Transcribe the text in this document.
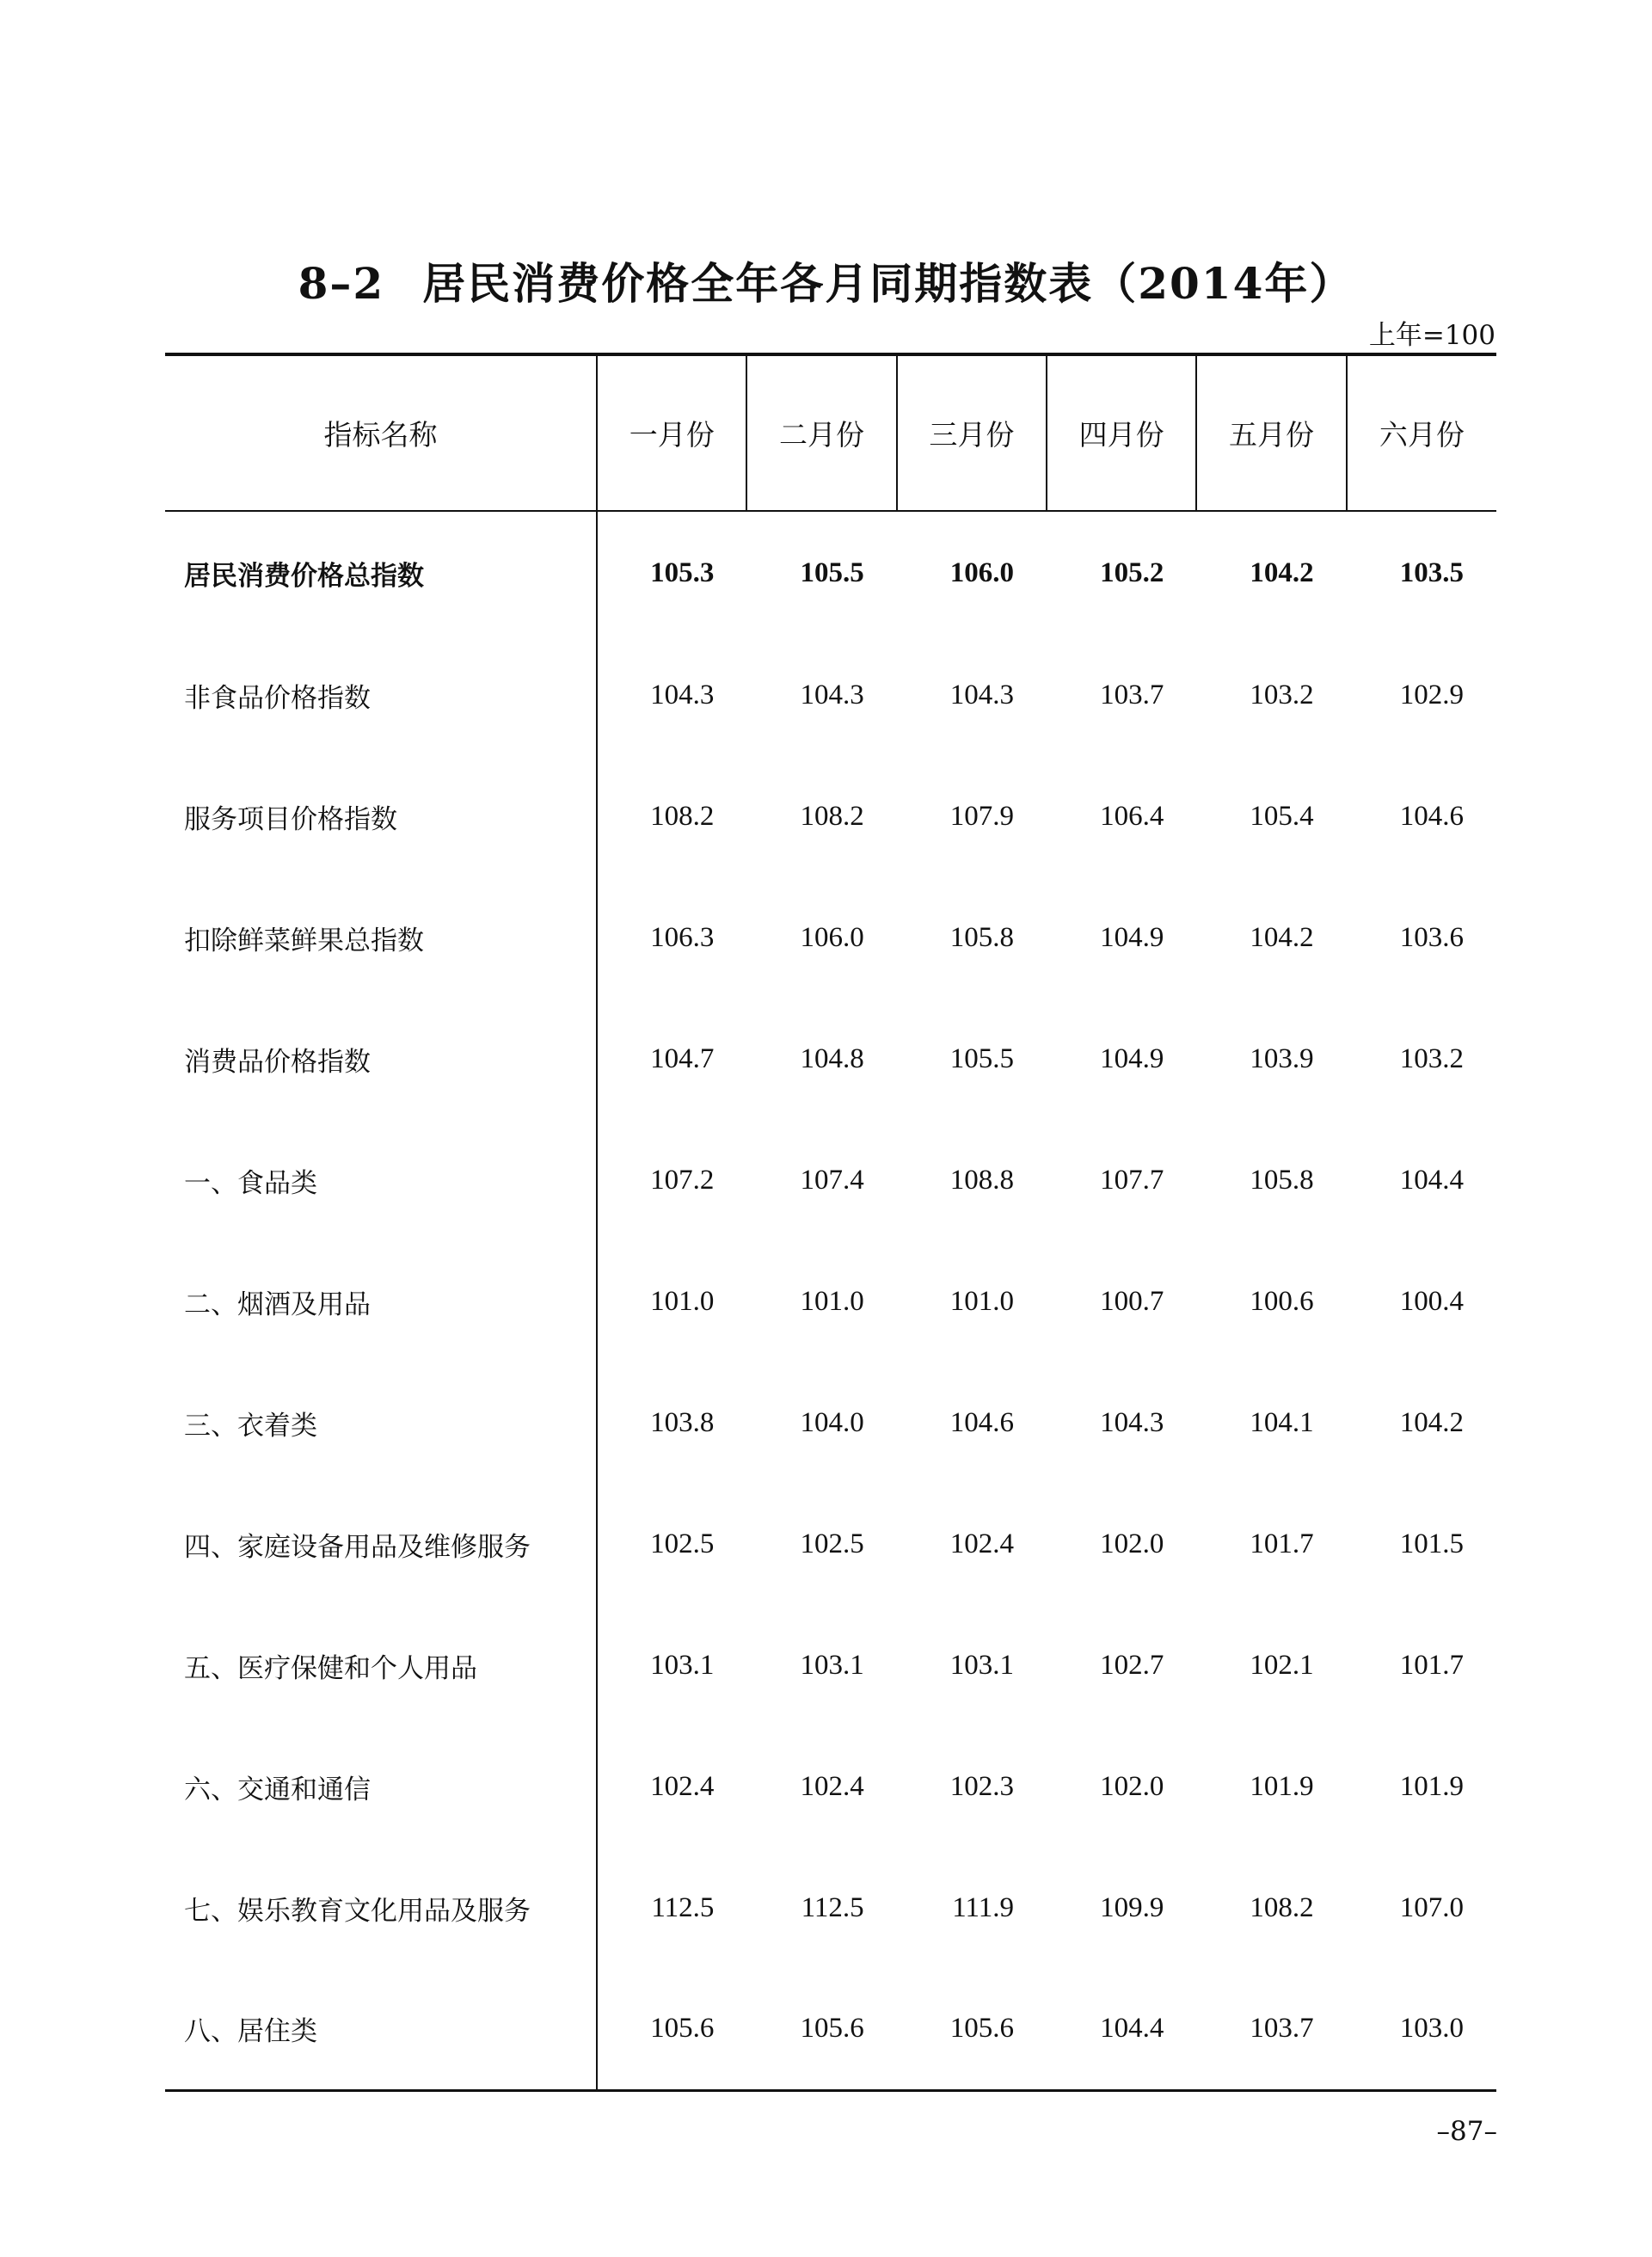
8–2 居民消费价格全年各月同期指数表（2014年）
上年=100
指标名称	一月份	二月份	三月份	四月份	五月份	六月份
居民消费价格总指数	105.3	105.5	106.0	105.2	104.2	103.5
非食品价格指数	104.3	104.3	104.3	103.7	103.2	102.9
服务项目价格指数	108.2	108.2	107.9	106.4	105.4	104.6
扣除鲜菜鲜果总指数	106.3	106.0	105.8	104.9	104.2	103.6
消费品价格指数	104.7	104.8	105.5	104.9	103.9	103.2
一、食品类	107.2	107.4	108.8	107.7	105.8	104.4
二、烟酒及用品	101.0	101.0	101.0	100.7	100.6	100.4
三、衣着类	103.8	104.0	104.6	104.3	104.1	104.2
四、家庭设备用品及维修服务	102.5	102.5	102.4	102.0	101.7	101.5
五、医疗保健和个人用品	103.1	103.1	103.1	102.7	102.1	101.7
六、交通和通信	102.4	102.4	102.3	102.0	101.9	101.9
七、娱乐教育文化用品及服务	112.5	112.5	111.9	109.9	108.2	107.0
八、居住类	105.6	105.6	105.6	104.4	103.7	103.0
–87–
